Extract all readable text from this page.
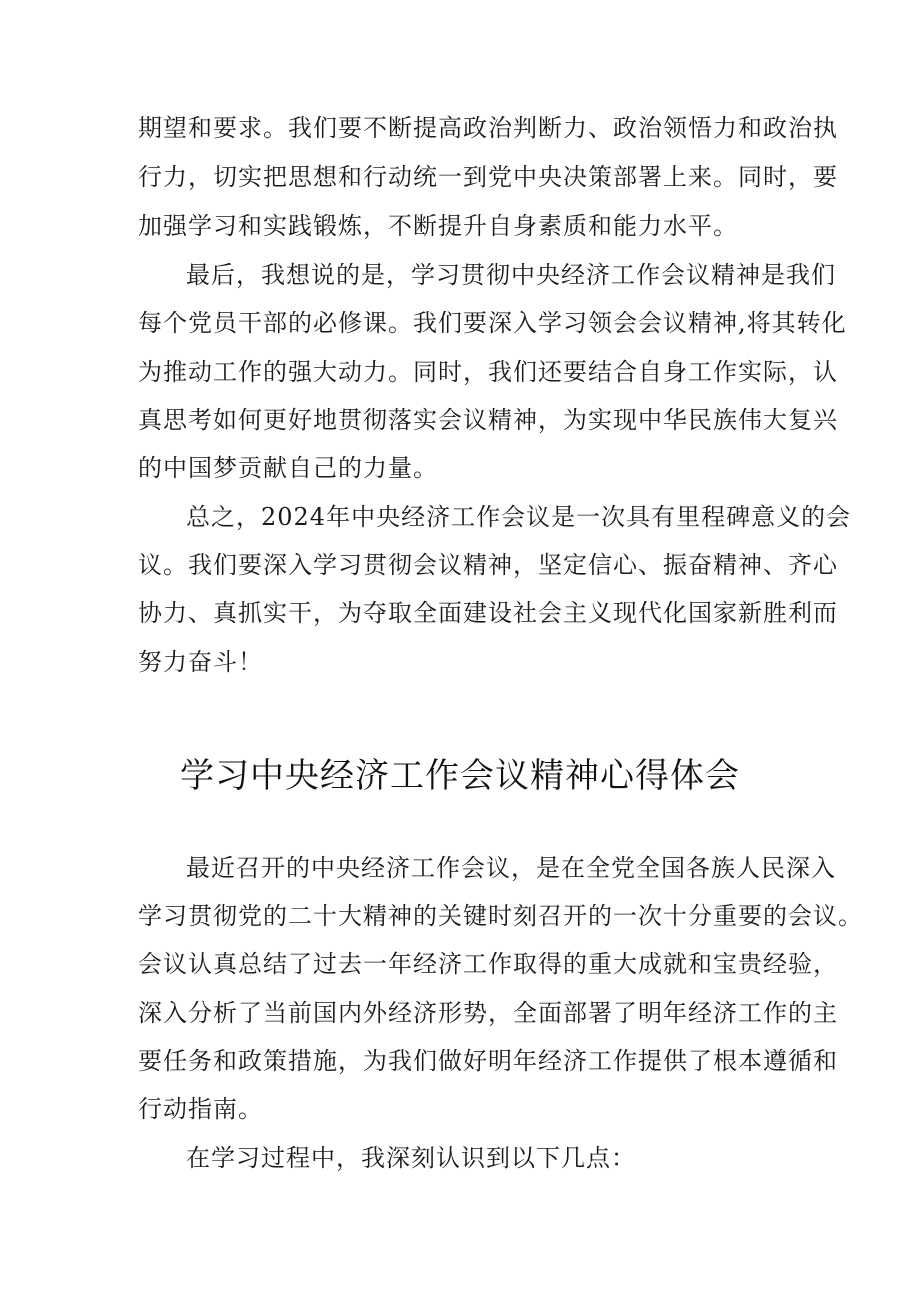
期望和要求。我们要不断提高政治判断力、政治领悟力和政治执
行力，切实把思想和行动统一到党中央决策部署上来。同时，要
加强学习和实践锻炼，不断提升自身素质和能力水平。
最后，我想说的是，学习贯彻中央经济工作会议精神是我们
每个党员干部的必修课。我们要深入学习领会会议精神,将其转化
为推动工作的强大动力。同时，我们还要结合自身工作实际，认
真思考如何更好地贯彻落实会议精神，为实现中华民族伟大复兴
的中国梦贡献自己的力量。
总之，2024年中央经济工作会议是一次具有里程碑意义的会
议。我们要深入学习贯彻会议精神，坚定信心、振奋精神、齐心
协力、真抓实干，为夺取全面建设社会主义现代化国家新胜利而
努力奋斗！
学习中央经济工作会议精神心得体会
最近召开的中央经济工作会议，是在全党全国各族人民深入
学习贯彻党的二十大精神的关键时刻召开的一次十分重要的会议。
会议认真总结了过去一年经济工作取得的重大成就和宝贵经验，
深入分析了当前国内外经济形势，全面部署了明年经济工作的主
要任务和政策措施，为我们做好明年经济工作提供了根本遵循和
行动指南。
在学习过程中，我深刻认识到以下几点：
